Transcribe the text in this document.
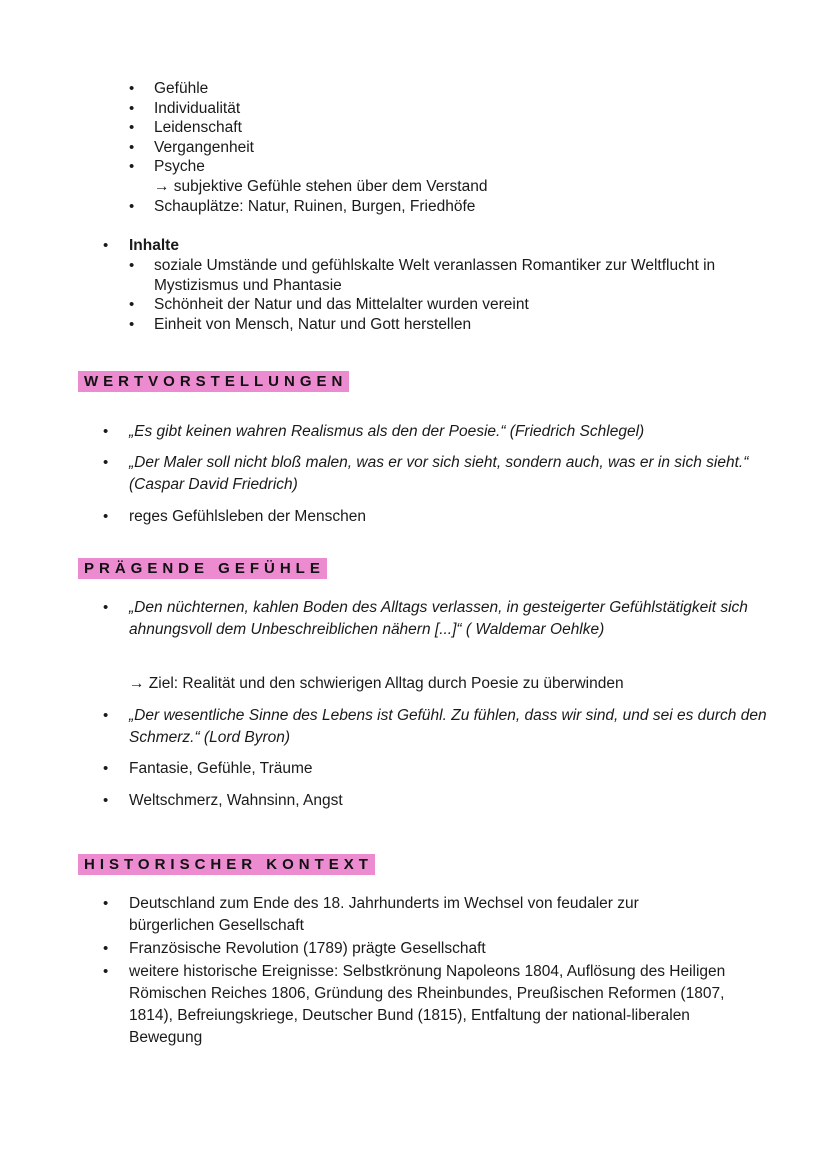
• Gefühle
• Individualität
• Leidenschaft
• Vergangenheit
• Psyche
→ subjektive Gefühle stehen über dem Verstand
• Schauplätze: Natur, Ruinen, Burgen, Friedhöfe
• Inhalte
• soziale Umstände und gefühlskalte Welt veranlassen Romantiker zur Weltflucht in Mystizismus und Phantasie
• Schönheit der Natur und das Mittelalter wurden vereint
• Einheit von Mensch, Natur und Gott herstellen
WERTVORSTELLUNGEN
• „Es gibt keinen wahren Realismus als den der Poesie.“ (Friedrich Schlegel)
• „Der Maler soll nicht bloß malen, was er vor sich sieht, sondern auch, was er in sich sieht.“ (Caspar David Friedrich)
• reges Gefühlsleben der Menschen
PRÄGENDE GEFÜHLE
• „Den nüchternen, kahlen Boden des Alltags verlassen, in gesteigerter Gefühlstätigkeit sich ahnungsvoll dem Unbeschreiblichen nähern [...]“ ( Waldemar Oehlke)
→ Ziel: Realität und den schwierigen Alltag durch Poesie zu überwinden
• „Der wesentliche Sinne des Lebens ist Gefühl. Zu fühlen, dass wir sind, und sei es durch den Schmerz.“ (Lord Byron)
• Fantasie, Gefühle, Träume
• Weltschmerz, Wahnsinn, Angst
HISTORISCHER KONTEXT
• Deutschland zum Ende des 18. Jahrhunderts im Wechsel von feudaler zur bürgerlichen Gesellschaft
• Französische Revolution (1789) prägte Gesellschaft
• weitere historische Ereignisse: Selbstkrönung Napoleons 1804, Auflösung des Heiligen Römischen Reiches 1806, Gründung des Rheinbundes, Preußischen Reformen (1807, 1814), Befreiungskriege, Deutscher Bund (1815), Entfaltung der national-liberalen Bewegung
